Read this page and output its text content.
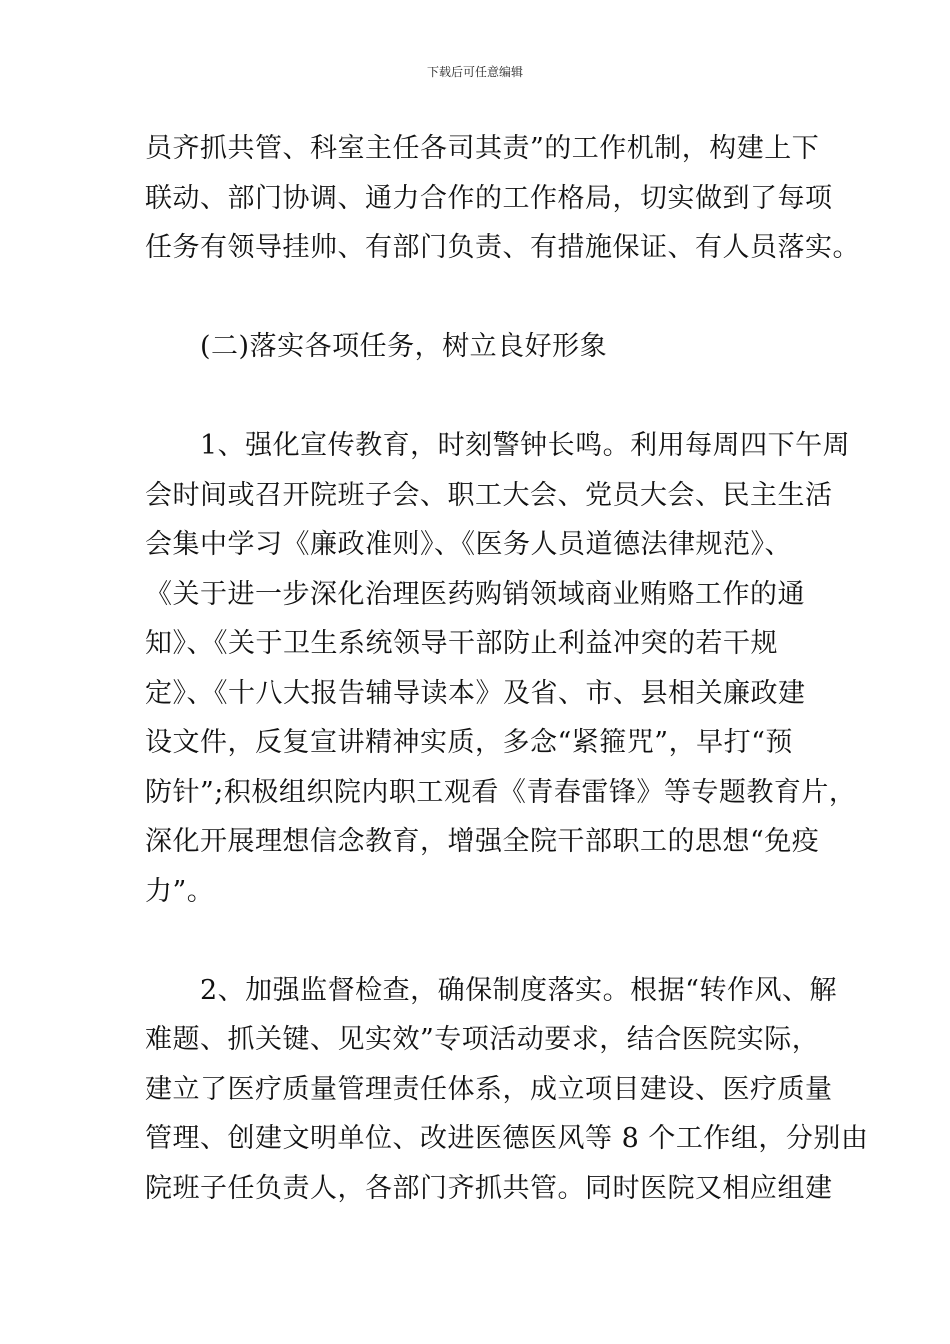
下载后可任意编辑
员齐抓共管、科室主任各司其责”的工作机制，构建上下
联动、部门协调、通力合作的工作格局，切实做到了每项
任务有领导挂帅、有部门负责、有措施保证、有人员落实。
　　(二)落实各项任务，树立良好形象
　　1、强化宣传教育，时刻警钟长鸣。利用每周四下午周
会时间或召开院班子会、职工大会、党员大会、民主生活
会集中学习《廉政准则》、《医务人员道德法律规范》、
《关于进一步深化治理医药购销领域商业贿赂工作的通
知》、《关于卫生系统领导干部防止利益冲突的若干规
定》、《十八大报告辅导读本》及省、市、县相关廉政建
设文件，反复宣讲精神实质，多念“紧箍咒”，早打“预
防针”;积极组织院内职工观看《青春雷锋》等专题教育片，
深化开展理想信念教育，增强全院干部职工的思想“免疫
力”。
　　2、加强监督检查，确保制度落实。根据“转作风、解
难题、抓关键、见实效”专项活动要求，结合医院实际，
建立了医疗质量管理责任体系，成立项目建设、医疗质量
管理、创建文明单位、改进医德医风等 8 个工作组，分别由
院班子任负责人，各部门齐抓共管。同时医院又相应组建
